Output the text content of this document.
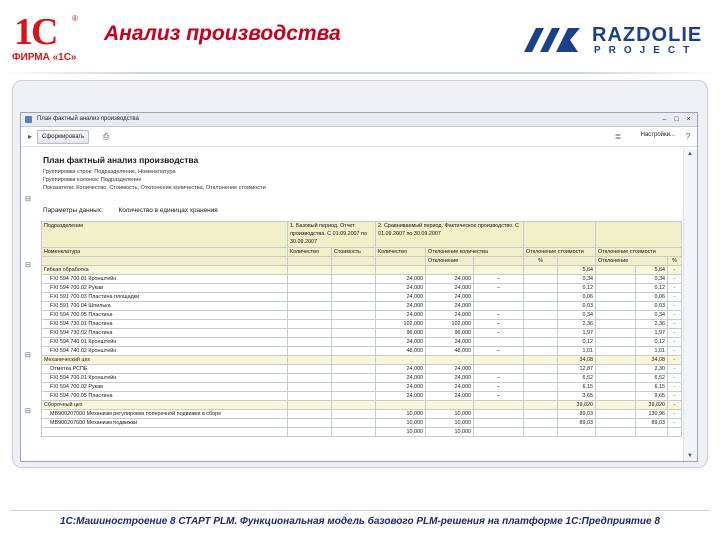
1С ®
ФИРМА «1С»
Анализ производства	RAZDOLIE
PROJECT
План фактный анализ производства	–	□	×
▸	Сформировать	⎙	≣	Настройки...	?
План фактный анализ производства
Группировки строк: Подразделение, Номенклатура
Группировки колонок: Подразделение
Показатели: Количество, Стоимость, Отклонение количества, Отклонение стоимости
⊟
Параметры данных: Количество в единицах хранения
⊟
⊟
⊟
Подразделение	1. Базовый период. Отчет производства. С 01.09.2007 по 30.09.2007		2. Сравниваемый период. Фактическое производство. С 01.09.2007 по 30.09.2007							
Номенклатура	Количество	Стоимость	Количество	Отклонение количества		Отклонение стоимости		Отклонение стоимости		
				Отклонение		%		Отклонение		%
Гибкая обработка							5,64		5,64	-
FXI 594 700.01 Кронштейн			24,000	24,000	–		0,34		0,34	-
FXI 594 700.02 Рукав			24,000	24,000	–		0,12		0,12	-
FXI 591 700.03 Пластина площадки			24,000	24,000			0,06		0,06	-
FXI 591 700.04 Шпилька			24,000	24,000			0,03		0,03	-
FXI 594 700.05 Пластина			24,000	24,000	–		0,34		0,34	-
FXI 594 730.01 Пластина			102,000	102,000	–		2,36		2,36	-
FXI 594 730.02 Пластина			96,000	96,000	–		1,97		1,97	-
FXI 594 740.01 Кронштейн			24,000	24,000			0,12		0,12	-
FXI 594 740.02 Кронштейн			48,000	48,000	–		1,01		1,01	-
Механический цех							34,08		34,08	-
Отметка РСПЕ			24,000	24,000			12,87		2,30	-
FXI 594 700.01 Кронштейн			24,000	24,000	–		6,52		6,52	-
FXI 594 700.02 Рукав			24,000	24,000	–		6,15		6,15	-
FXI 594 700.05 Пластина			24,000	24,000	–		3,65		9,65	-
Сборочный цех							39,020		39,020	-
МВ900207000 Механизм регулировки поперечной подвижки в сборе			10,000	10,000			89,03		130,96	-
МВ900207600 Механизм подвижки			10,000	10,000			89,03		89,03	-
			10,000	10,000						
▲
▼
1С:Машиностроение 8 СТАРТ PLM. Функциональная модель базового PLM-решения на платформе 1С:Предприятие 8
